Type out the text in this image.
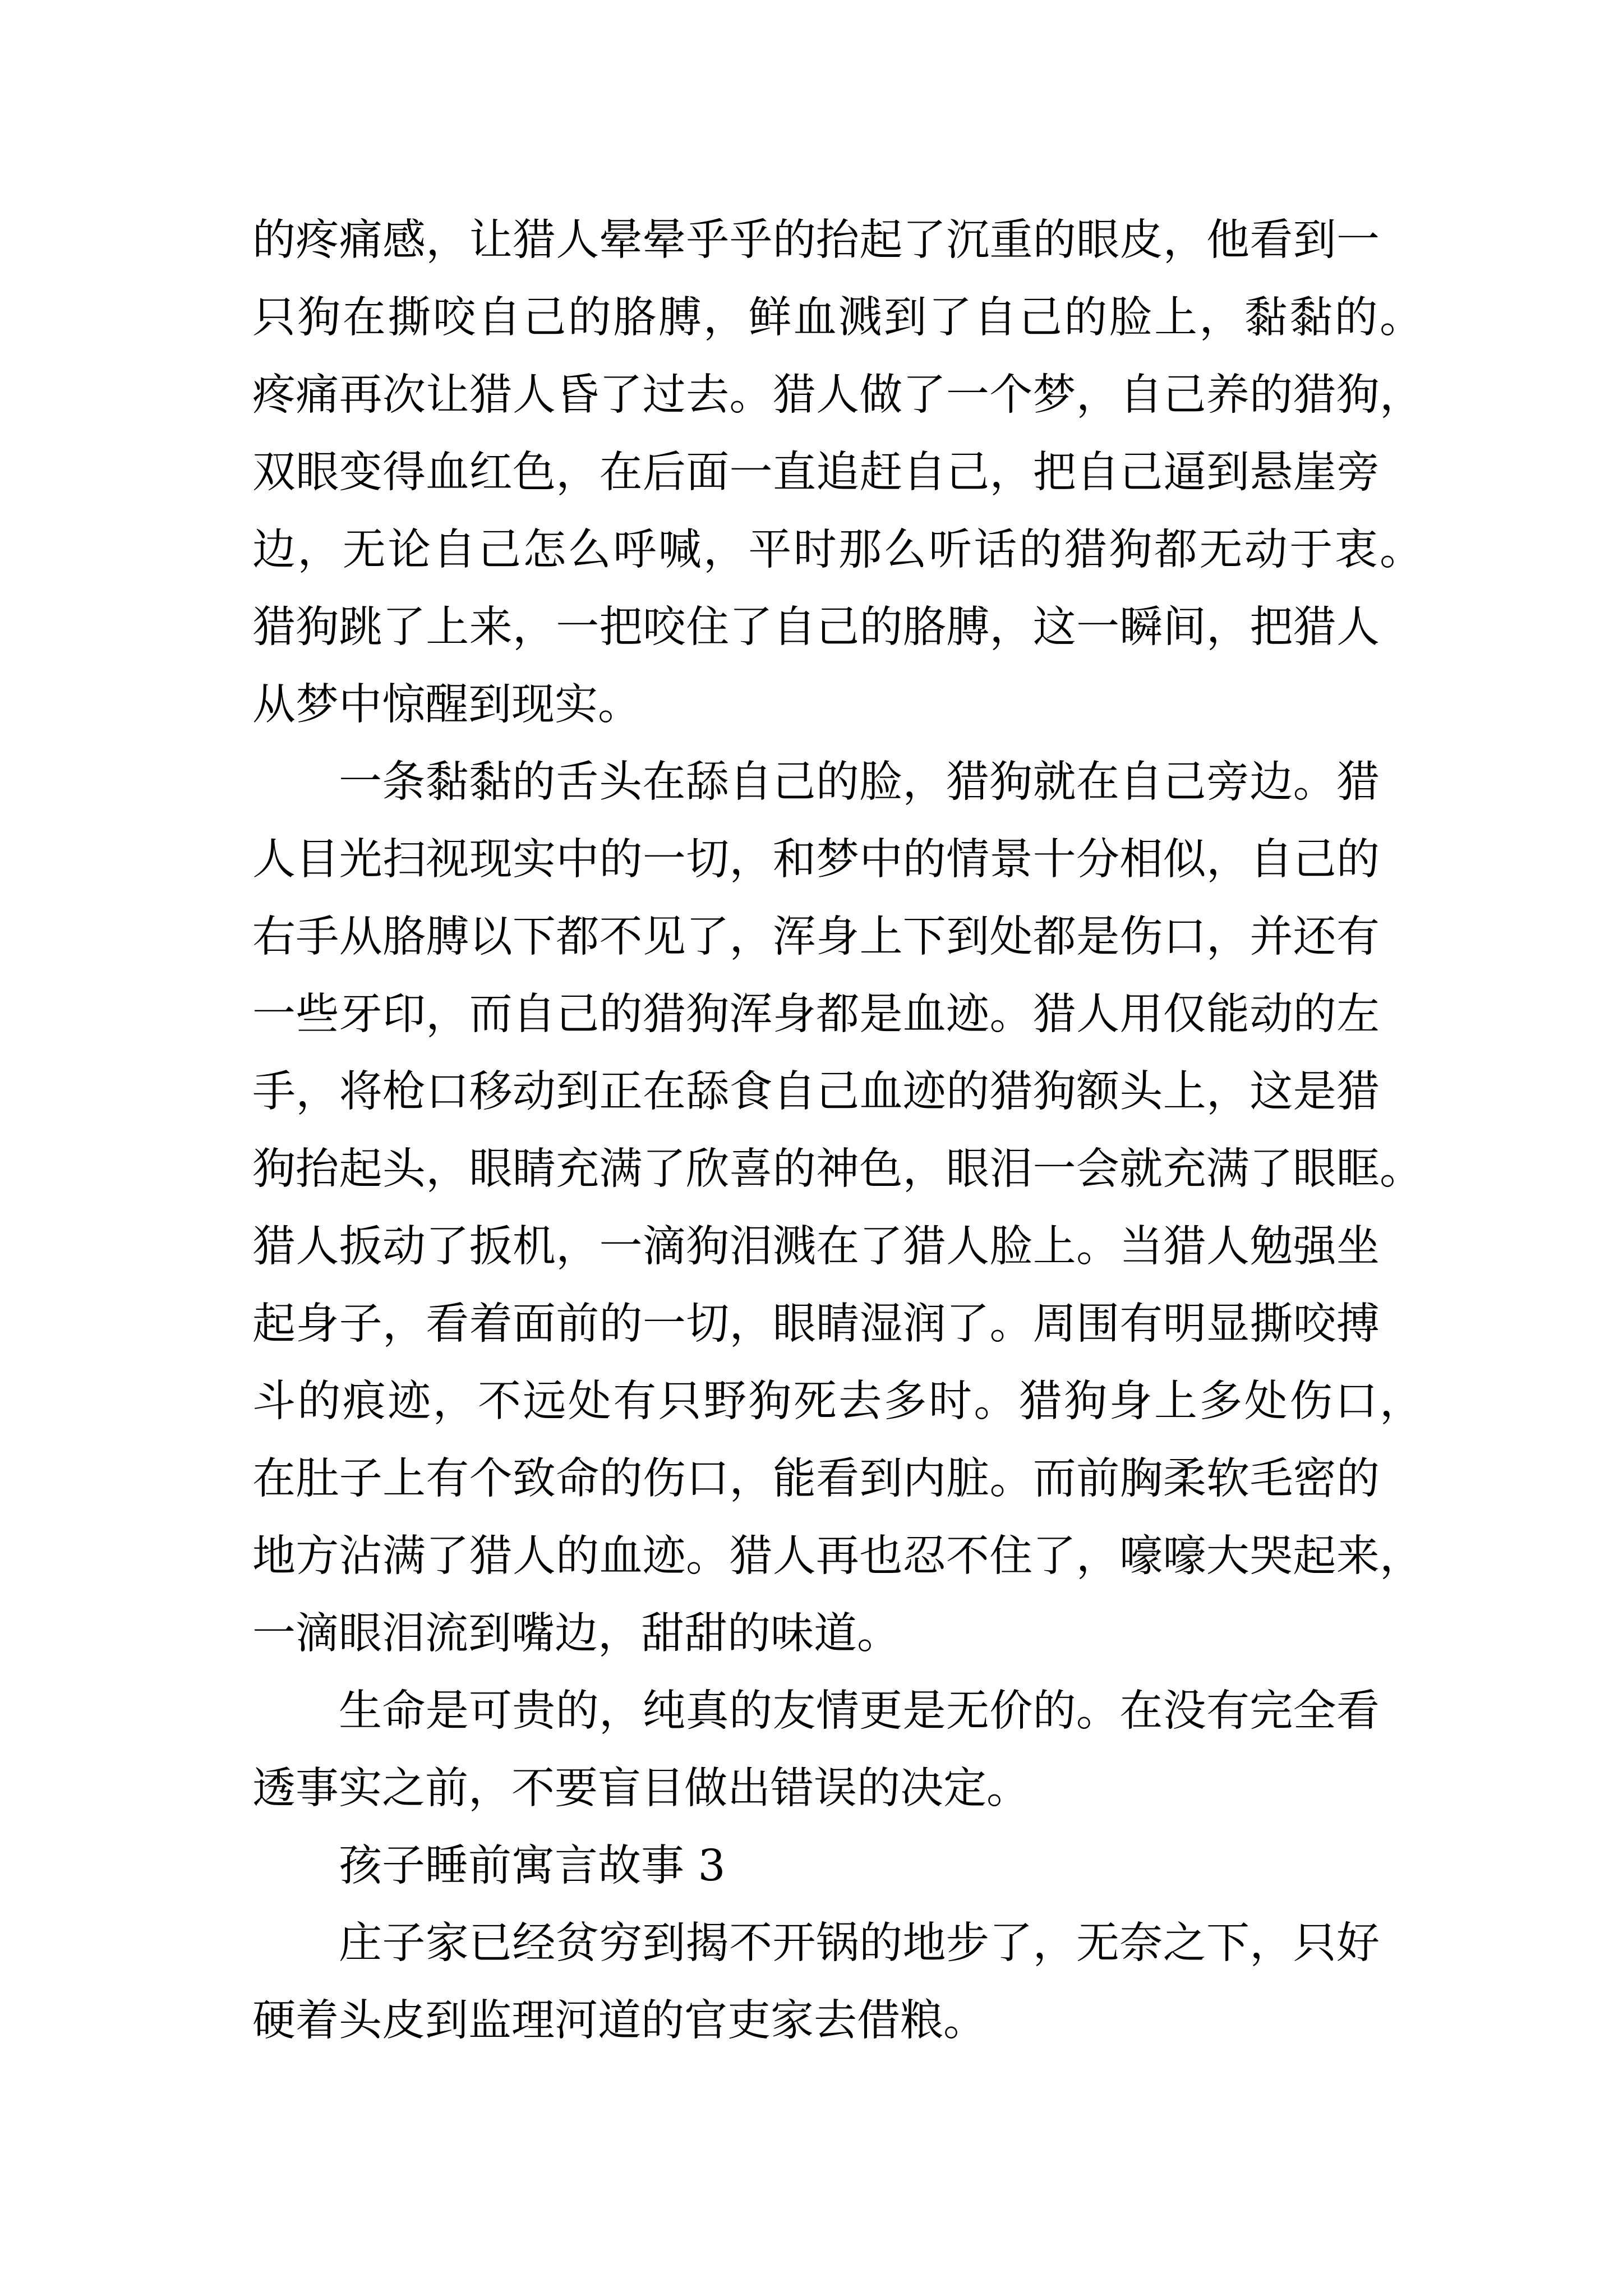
的疼痛感，让猎人晕晕乎乎的抬起了沉重的眼皮，他看到一
只狗在撕咬自己的胳膊，鲜血溅到了自己的脸上，黏黏的。
疼痛再次让猎人昏了过去。猎人做了一个梦，自己养的猎狗，
双眼变得血红色，在后面一直追赶自己，把自己逼到悬崖旁
边，无论自己怎么呼喊，平时那么听话的猎狗都无动于衷。
猎狗跳了上来，一把咬住了自己的胳膊，这一瞬间，把猎人
从梦中惊醒到现实。
一条黏黏的舌头在舔自己的脸，猎狗就在自己旁边。猎
人目光扫视现实中的一切，和梦中的情景十分相似，自己的
右手从胳膊以下都不见了，浑身上下到处都是伤口，并还有
一些牙印，而自己的猎狗浑身都是血迹。猎人用仅能动的左
手，将枪口移动到正在舔食自己血迹的猎狗额头上，这是猎
狗抬起头，眼睛充满了欣喜的神色，眼泪一会就充满了眼眶。
猎人扳动了扳机，一滴狗泪溅在了猎人脸上。当猎人勉强坐
起身子，看着面前的一切，眼睛湿润了。周围有明显撕咬搏
斗的痕迹，不远处有只野狗死去多时。猎狗身上多处伤口，
在肚子上有个致命的伤口，能看到内脏。而前胸柔软毛密的
地方沾满了猎人的血迹。猎人再也忍不住了，嚎嚎大哭起来，
一滴眼泪流到嘴边，甜甜的味道。
生命是可贵的，纯真的友情更是无价的。在没有完全看
透事实之前，不要盲目做出错误的决定。
孩子睡前寓言故事 3
庄子家已经贫穷到揭不开锅的地步了，无奈之下，只好
硬着头皮到监理河道的官吏家去借粮。
